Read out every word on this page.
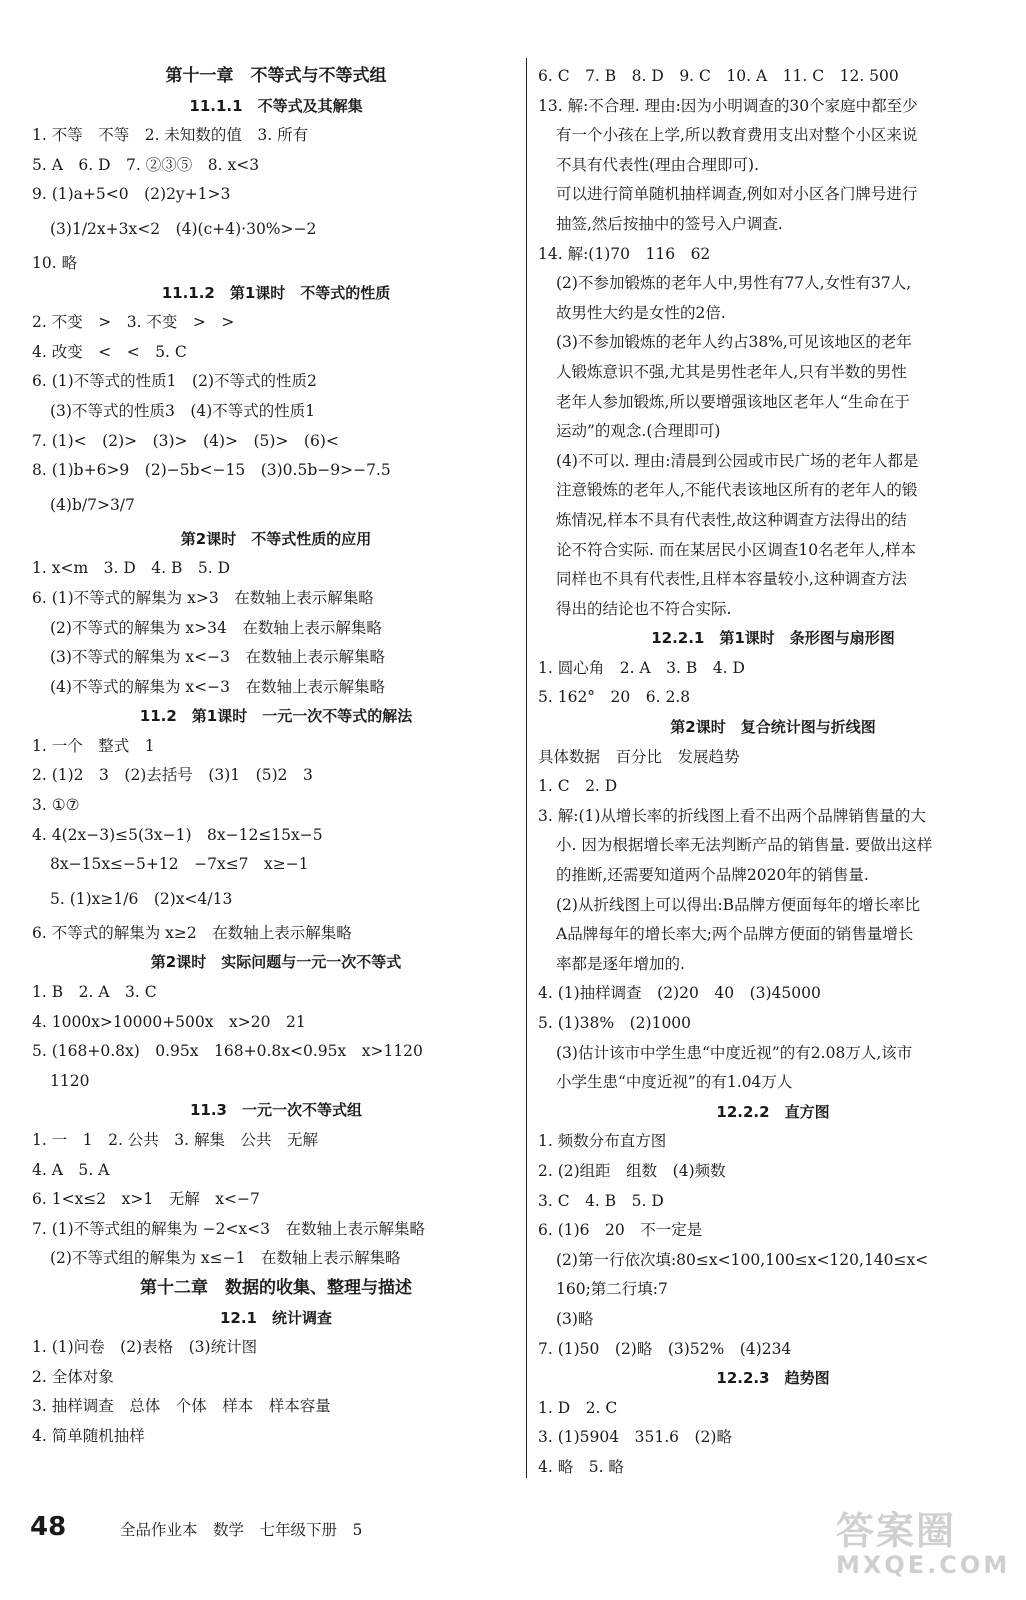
第十一章　不等式与不等式组
11.1.1　不等式及其解集
1. 不等　不等　2. 未知数的值　3. 所有
5. A　6. D　7. ②③⑤　8. x<3
9. (1)a+5<0　(2)2y+1>3
(3)1/2x+3x<2　(4)(c+4)·30%>−2
10. 略
11.1.2　第1课时　不等式的性质
2. 不变　>　3. 不变　>　>
4. 改变　<　<　5. C
6. (1)不等式的性质1　(2)不等式的性质2
(3)不等式的性质3　(4)不等式的性质1
7. (1)<　(2)>　(3)>　(4)>　(5)>　(6)<
8. (1)b+6>9　(2)−5b<−15　(3)0.5b−9>−7.5
(4)b/7>3/7
第2课时　不等式性质的应用
1. x<m　3. D　4. B　5. D
6. (1)不等式的解集为 x>3　在数轴上表示解集略
(2)不等式的解集为 x>34　在数轴上表示解集略
(3)不等式的解集为 x<−3　在数轴上表示解集略
(4)不等式的解集为 x<−3　在数轴上表示解集略
11.2　第1课时　一元一次不等式的解法
1. 一个　整式　1
2. (1)2　3　(2)去括号　(3)1　(5)2　3
3. ①⑦
4. 4(2x−3)≤5(3x−1)　8x−12≤15x−5
8x−15x≤−5+12　−7x≤7　x≥−1
5. (1)x≥1/6　(2)x<4/13
6. 不等式的解集为 x≥2　在数轴上表示解集略
第2课时　实际问题与一元一次不等式
1. B　2. A　3. C
4. 1000x>10000+500x　x>20　21
5. (168+0.8x)　0.95x　168+0.8x<0.95x　x>1120
1120
11.3　一元一次不等式组
1. 一　1　2. 公共　3. 解集　公共　无解
4. A　5. A
6. 1<x≤2　x>1　无解　x<−7
7. (1)不等式组的解集为 −2<x<3　在数轴上表示解集略
(2)不等式组的解集为 x≤−1　在数轴上表示解集略
第十二章　数据的收集、整理与描述
12.1　统计调查
1. (1)问卷　(2)表格　(3)统计图
2. 全体对象
3. 抽样调查　总体　个体　样本　样本容量
4. 简单随机抽样
6. C　7. B　8. D　9. C　10. A　11. C　12. 500
13. 解:不合理. 理由:因为小明调查的30个家庭中都至少
有一个小孩在上学,所以教育费用支出对整个小区来说
不具有代表性(理由合理即可).
可以进行简单随机抽样调查,例如对小区各门牌号进行
抽签,然后按抽中的签号入户调查.
14. 解:(1)70　116　62
(2)不参加锻炼的老年人中,男性有77人,女性有37人,
故男性大约是女性的2倍.
(3)不参加锻炼的老年人约占38%,可见该地区的老年
人锻炼意识不强,尤其是男性老年人,只有半数的男性
老年人参加锻炼,所以要增强该地区老年人“生命在于
运动”的观念.(合理即可)
(4)不可以. 理由:清晨到公园或市民广场的老年人都是
注意锻炼的老年人,不能代表该地区所有的老年人的锻
炼情况,样本不具有代表性,故这种调查方法得出的结
论不符合实际. 而在某居民小区调查10名老年人,样本
同样也不具有代表性,且样本容量较小,这种调查方法
得出的结论也不符合实际.
12.2.1　第1课时　条形图与扇形图
1. 圆心角　2. A　3. B　4. D
5. 162°　20　6. 2.8
第2课时　复合统计图与折线图
具体数据　百分比　发展趋势
1. C　2. D
3. 解:(1)从增长率的折线图上看不出两个品牌销售量的大
小. 因为根据增长率无法判断产品的销售量. 要做出这样
的推断,还需要知道两个品牌2020年的销售量.
(2)从折线图上可以得出:B品牌方便面每年的增长率比
A品牌每年的增长率大;两个品牌方便面的销售量增长
率都是逐年增加的.
4. (1)抽样调查　(2)20　40　(3)45000
5. (1)38%　(2)1000
(3)估计该市中学生患“中度近视”的有2.08万人,该市
小学生患“中度近视”的有1.04万人
12.2.2　直方图
1. 频数分布直方图
2. (2)组距　组数　(4)频数
3. C　4. B　5. D
6. (1)6　20　不一定是
(2)第一行依次填:80≤x<100,100≤x<120,140≤x<
160;第二行填:7
(3)略
7. (1)50　(2)略　(3)52%　(4)234
12.2.3　趋势图
1. D　2. C
3. (1)5904　351.6　(2)略
4. 略　5. 略
48	全品作业本　数学　七年级下册　5	答案圈
MXQE.COM
